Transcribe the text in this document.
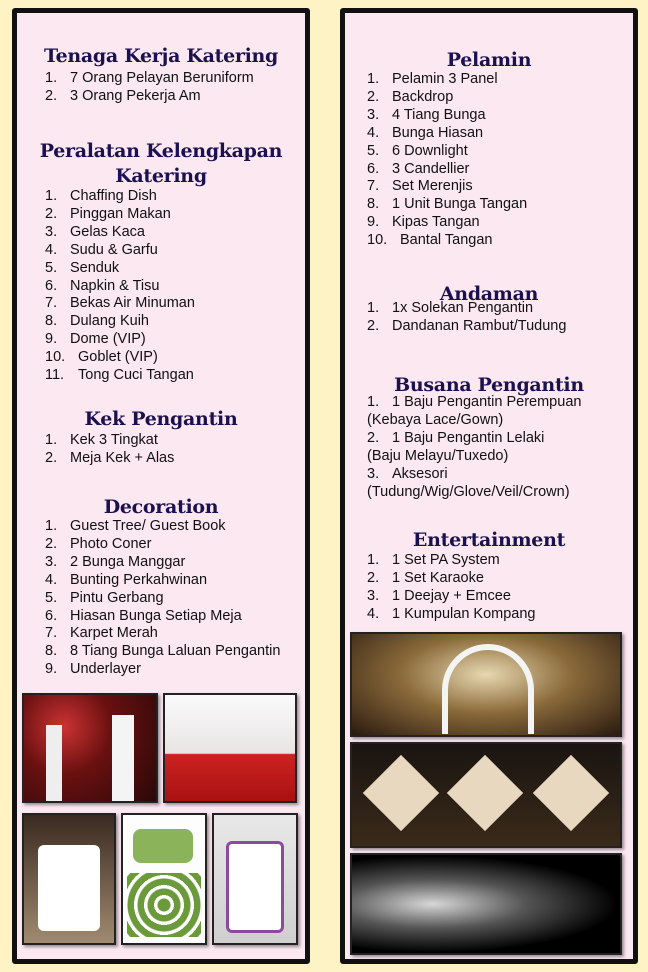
Tenaga Kerja Katering
1. 7 Orang Pelayan Beruniform
2. 3 Orang Pekerja Am
Peralatan Kelengkapan
Katering
1. Chaffing Dish
2. Pinggan Makan
3. Gelas Kaca
4. Sudu & Garfu
5. Senduk
6. Napkin & Tisu
7. Bekas Air Minuman
8. Dulang Kuih
9. Dome (VIP)
10. Goblet (VIP)
11. Tong Cuci Tangan
Kek Pengantin
1. Kek 3 Tingkat
2. Meja Kek + Alas
Decoration
1. Guest Tree/ Guest Book
2. Photo Coner
3. 2 Bunga Manggar
4. Bunting Perkahwinan
5. Pintu Gerbang
6. Hiasan Bunga Setiap Meja
7. Karpet Merah
8. 8 Tiang Bunga Laluan Pengantin
9. Underlayer
Pelamin
1. Pelamin 3 Panel
2. Backdrop
3. 4 Tiang Bunga
4. Bunga Hiasan
5. 6 Downlight
6. 3 Candellier
7. Set Merenjis
8. 1 Unit Bunga Tangan
9. Kipas Tangan
10. Bantal Tangan
Andaman
1. 1x Solekan Pengantin
2. Dandanan Rambut/Tudung
Busana Pengantin
1. 1 Baju Pengantin Perempuan
(Kebaya Lace/Gown)
2. 1 Baju Pengantin Lelaki
(Baju Melayu/Tuxedo)
3. Aksesori
(Tudung/Wig/Glove/Veil/Crown)
Entertainment
1. 1 Set PA System
2. 1 Set Karaoke
3. 1 Deejay + Emcee
4. 1 Kumpulan Kompang
